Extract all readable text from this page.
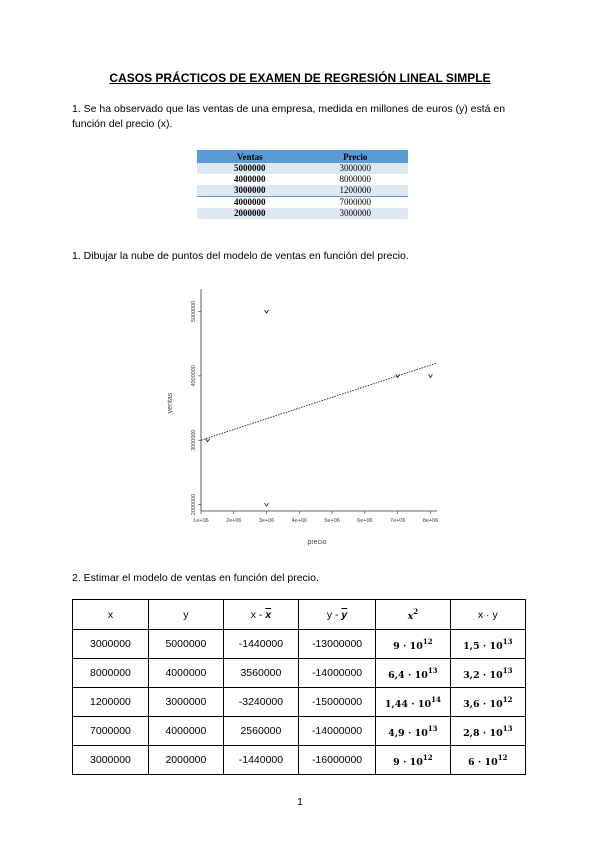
CASOS PRÁCTICOS DE EXAMEN DE REGRESIÓN LINEAL SIMPLE
1. Se ha observado que las ventas de una empresa, medida en millones de euros (y) está en función del precio (x).
Ventas	Precio
5000000	3000000
4000000	8000000
3000000	1200000
4000000	7000000
2000000	3000000
1. Dibujar la nube de puntos del modelo de ventas en función del precio.
1e+06	2e+06	3e+06	4e+06	5e+06	6e+06	7e+06	8e+06
2000000
3000000
4000000
5000000
precio
ventas
2. Estimar el modelo de ventas en función del precio.
x	y	x - $\overline{x}$	y - $\overline{y}$	$x^2$	x · y
3000000	5000000	-1440000	-13000000	$9 \cdot 10^{12}$	$1,5 \cdot 10^{13}$
8000000	4000000	3560000	-14000000	$6,4 \cdot 10^{13}$	$3,2 \cdot 10^{13}$
1200000	3000000	-3240000	-15000000	$1,44 \cdot 10^{14}$	$3,6 \cdot 10^{12}$
7000000	4000000	2560000	-14000000	$4,9 \cdot 10^{13}$	$2,8 \cdot 10^{13}$
3000000	2000000	-1440000	-16000000	$9 \cdot 10^{12}$	$6 \cdot 10^{12}$
1
